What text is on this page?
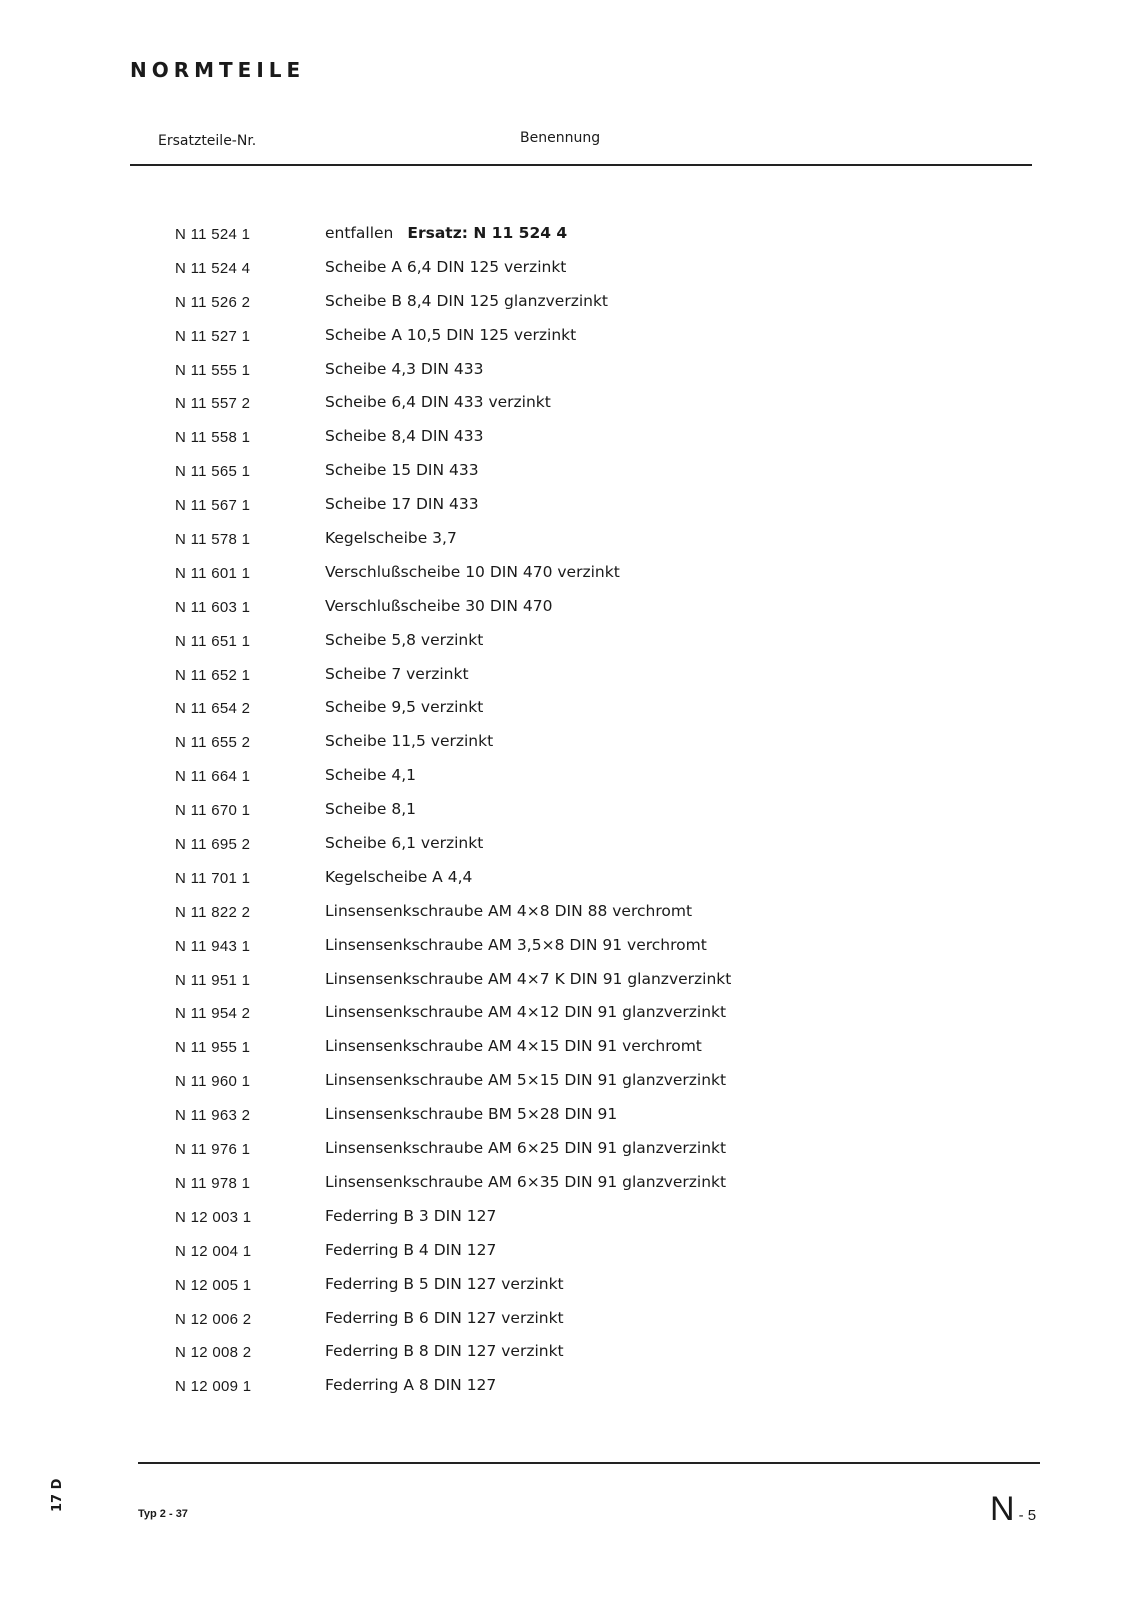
NORMTEILE
Ersatzteile-Nr.	Benennung
N 11 524 1	entfallen Ersatz: N 11 524 4
N 11 524 4	Scheibe A 6,4 DIN 125 verzinkt
N 11 526 2	Scheibe B 8,4 DIN 125 glanzverzinkt
N 11 527 1	Scheibe A 10,5 DIN 125 verzinkt
N 11 555 1	Scheibe 4,3 DIN 433
N 11 557 2	Scheibe 6,4 DIN 433 verzinkt
N 11 558 1	Scheibe 8,4 DIN 433
N 11 565 1	Scheibe 15 DIN 433
N 11 567 1	Scheibe 17 DIN 433
N 11 578 1	Kegelscheibe 3,7
N 11 601 1	Verschlußscheibe 10 DIN 470 verzinkt
N 11 603 1	Verschlußscheibe 30 DIN 470
N 11 651 1	Scheibe 5,8 verzinkt
N 11 652 1	Scheibe 7 verzinkt
N 11 654 2	Scheibe 9,5 verzinkt
N 11 655 2	Scheibe 11,5 verzinkt
N 11 664 1	Scheibe 4,1
N 11 670 1	Scheibe 8,1
N 11 695 2	Scheibe 6,1 verzinkt
N 11 701 1	Kegelscheibe A 4,4
N 11 822 2	Linsensenkschraube AM 4×8 DIN 88 verchromt
N 11 943 1	Linsensenkschraube AM 3,5×8 DIN 91 verchromt
N 11 951 1	Linsensenkschraube AM 4×7 K DIN 91 glanzverzinkt
N 11 954 2	Linsensenkschraube AM 4×12 DIN 91 glanzverzinkt
N 11 955 1	Linsensenkschraube AM 4×15 DIN 91 verchromt
N 11 960 1	Linsensenkschraube AM 5×15 DIN 91 glanzverzinkt
N 11 963 2	Linsensenkschraube BM 5×28 DIN 91
N 11 976 1	Linsensenkschraube AM 6×25 DIN 91 glanzverzinkt
N 11 978 1	Linsensenkschraube AM 6×35 DIN 91 glanzverzinkt
N 12 003 1	Federring B 3 DIN 127
N 12 004 1	Federring B 4 DIN 127
N 12 005 1	Federring B 5 DIN 127 verzinkt
N 12 006 2	Federring B 6 DIN 127 verzinkt
N 12 008 2	Federring B 8 DIN 127 verzinkt
N 12 009 1	Federring A 8 DIN 127
17 D
Typ 2 - 37	N - 5
